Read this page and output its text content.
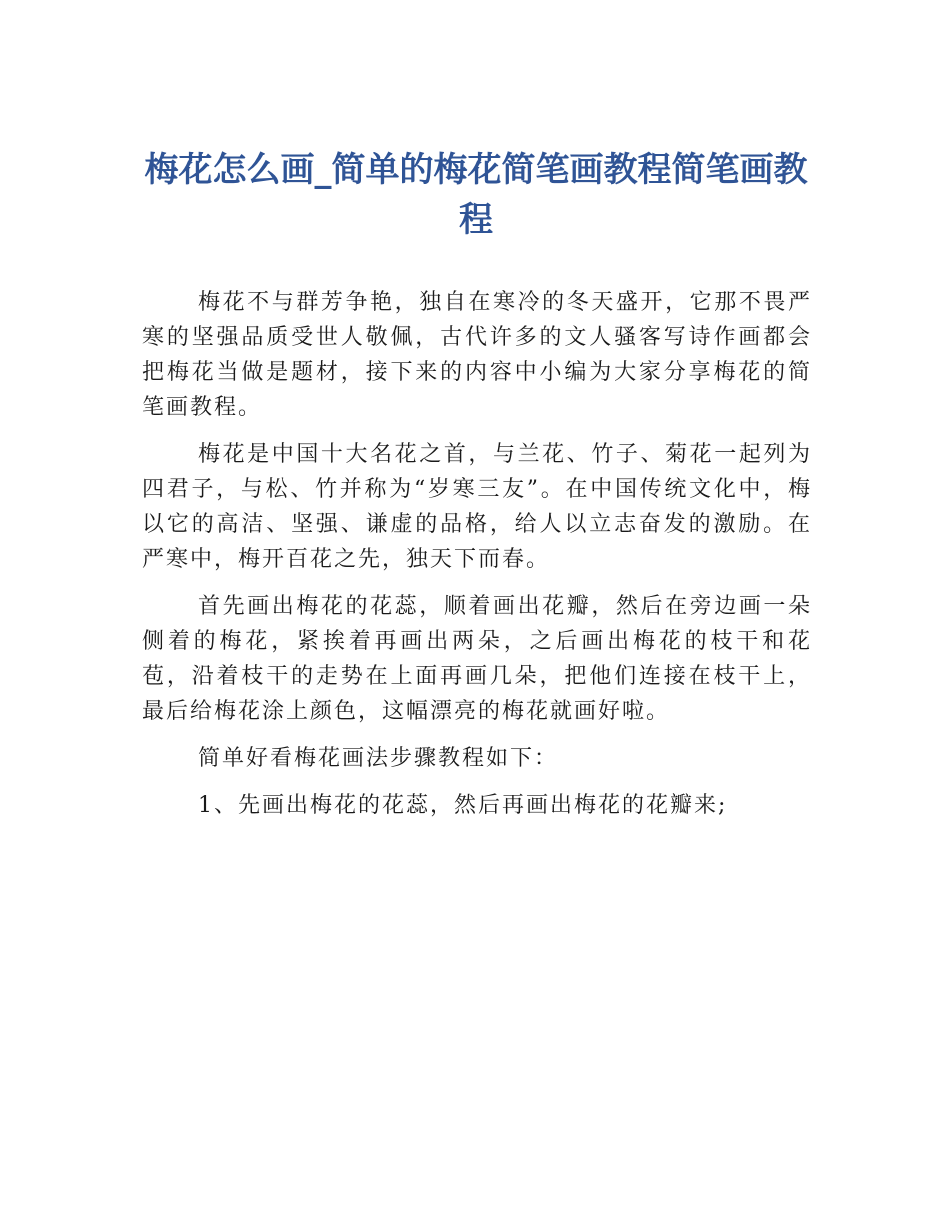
梅花怎么画_简单的梅花简笔画教程简笔画教程

梅花不与群芳争艳，独自在寒冷的冬天盛开，它那不畏严寒的坚强品质受世人敬佩，古代许多的文人骚客写诗作画都会把梅花当做是题材，接下来的内容中小编为大家分享梅花的简笔画教程。

梅花是中国十大名花之首，与兰花、竹子、菊花一起列为四君子，与松、竹并称为“岁寒三友”。在中国传统文化中，梅以它的高洁、坚强、谦虚的品格，给人以立志奋发的激励。在严寒中，梅开百花之先，独天下而春。

首先画出梅花的花蕊，顺着画出花瓣，然后在旁边画一朵侧着的梅花，紧挨着再画出两朵，之后画出梅花的枝干和花苞，沿着枝干的走势在上面再画几朵，把他们连接在枝干上，最后给梅花涂上颜色，这幅漂亮的梅花就画好啦。

简单好看梅花画法步骤教程如下：

1、先画出梅花的花蕊，然后再画出梅花的花瓣来;
